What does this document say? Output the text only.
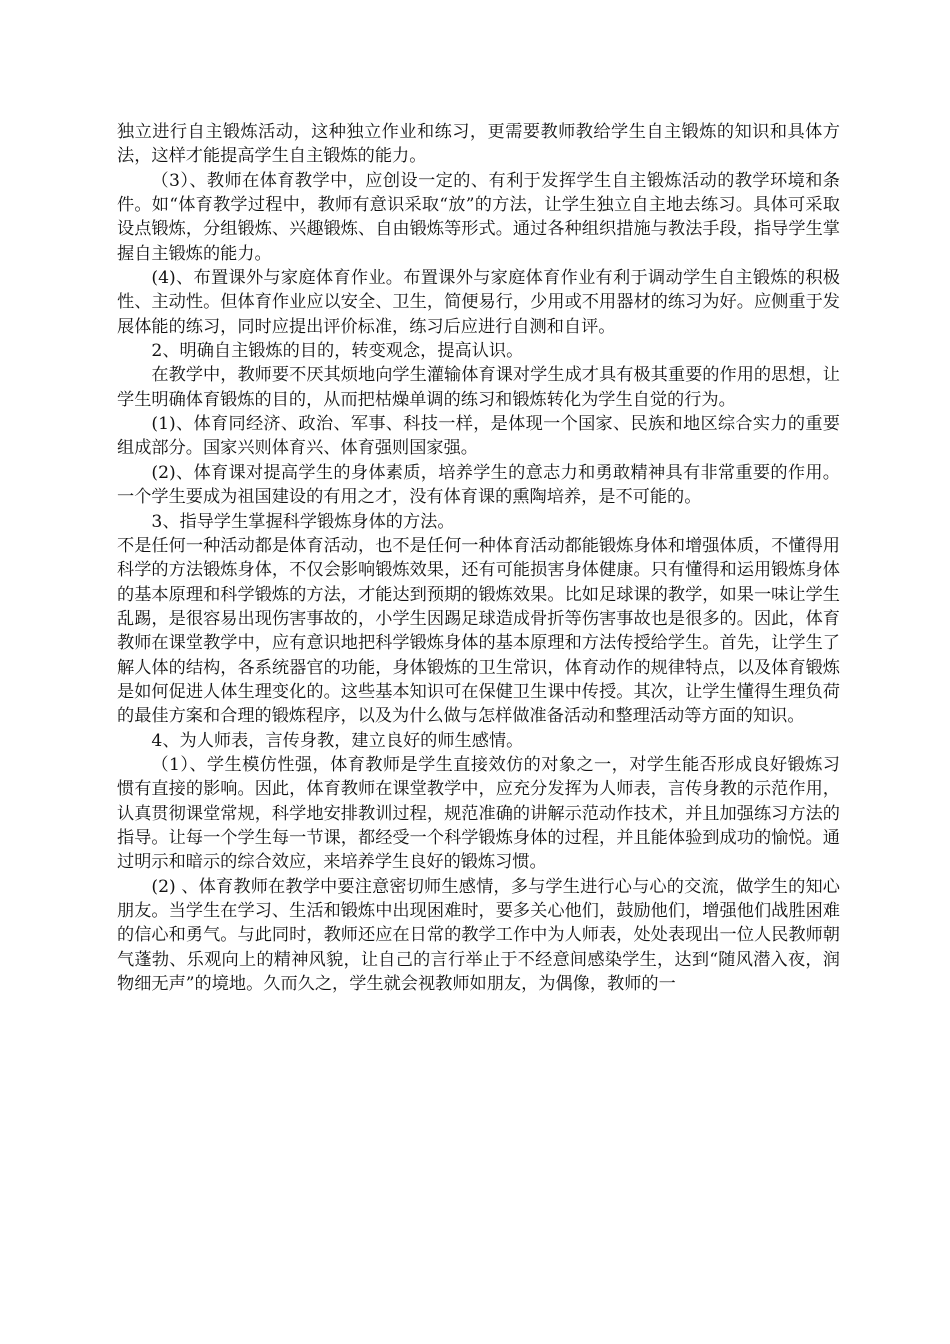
独立进行自主锻炼活动，这种独立作业和练习，更需要教师教给学生自主锻炼的知识和具体方法，这样才能提高学生自主锻炼的能力。

（3）、教师在体育教学中，应创设一定的、有利于发挥学生自主锻炼活动的教学环境和条件。如“体育教学过程中，教师有意识采取“放”的方法，让学生独立自主地去练习。具体可采取设点锻炼，分组锻炼、兴趣锻炼、自由锻炼等形式。通过各种组织措施与教法手段，指导学生掌握自主锻炼的能力。

(4)、布置课外与家庭体育作业。布置课外与家庭体育作业有利于调动学生自主锻炼的积极性、主动性。但体育作业应以安全、卫生，简便易行，少用或不用器材的练习为好。应侧重于发展体能的练习，同时应提出评价标准，练习后应进行自测和自评。

2、明确自主锻炼的目的，转变观念，提高认识。

在教学中，教师要不厌其烦地向学生灌输体育课对学生成才具有极其重要的作用的思想，让学生明确体育锻炼的目的，从而把枯燥单调的练习和锻炼转化为学生自觉的行为。

(1)、体育同经济、政治、军事、科技一样，是体现一个国家、民族和地区综合实力的重要组成部分。国家兴则体育兴、体育强则国家强。

(2)、体育课对提高学生的身体素质，培养学生的意志力和勇敢精神具有非常重要的作用。一个学生要成为祖国建设的有用之才，没有体育课的熏陶培养，是不可能的。

3、指导学生掌握科学锻炼身体的方法。

不是任何一种活动都是体育活动，也不是任何一种体育活动都能锻炼身体和增强体质，不懂得用科学的方法锻炼身体，不仅会影响锻炼效果，还有可能损害身体健康。只有懂得和运用锻炼身体的基本原理和科学锻炼的方法，才能达到预期的锻炼效果。比如足球课的教学，如果一味让学生乱踢，是很容易出现伤害事故的，小学生因踢足球造成骨折等伤害事故也是很多的。因此，体育教师在课堂教学中，应有意识地把科学锻炼身体的基本原理和方法传授给学生。首先，让学生了解人体的结构，各系统器官的功能，身体锻炼的卫生常识，体育动作的规律特点，以及体育锻炼是如何促进人体生理变化的。这些基本知识可在保健卫生课中传授。其次，让学生懂得生理负荷的最佳方案和合理的锻炼程序，以及为什么做与怎样做准备活动和整理活动等方面的知识。

4、为人师表，言传身教，建立良好的师生感情。

（1）、学生模仿性强，体育教师是学生直接效仿的对象之一，对学生能否形成良好锻炼习惯有直接的影响。因此，体育教师在课堂教学中，应充分发挥为人师表，言传身教的示范作用，认真贯彻课堂常规，科学地安排教训过程，规范准确的讲解示范动作技术，并且加强练习方法的指导。让每一个学生每一节课，都经受一个科学锻炼身体的过程，并且能体验到成功的愉悦。通过明示和暗示的综合效应，来培养学生良好的锻炼习惯。

(2) 、体育教师在教学中要注意密切师生感情，多与学生进行心与心的交流，做学生的知心朋友。当学生在学习、生活和锻炼中出现困难时，要多关心他们，鼓励他们，增强他们战胜困难的信心和勇气。与此同时，教师还应在日常的教学工作中为人师表，处处表现出一位人民教师朝气蓬勃、乐观向上的精神风貌，让自己的言行举止于不经意间感染学生，达到“随风潜入夜，润物细无声”的境地。久而久之，学生就会视教师如朋友，为偶像，教师的一
